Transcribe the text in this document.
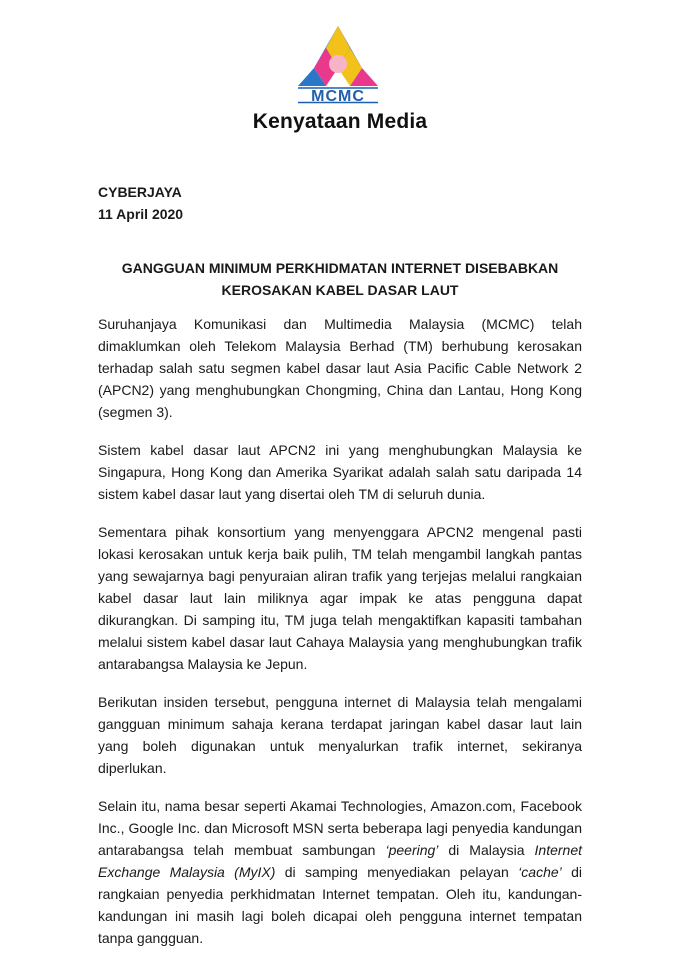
MCMC
Kenyataan Media
CYBERJAYA
11 April 2020
GANGGUAN MINIMUM PERKHIDMATAN INTERNET DISEBABKAN
KEROSAKAN KABEL DASAR LAUT

Suruhanjaya Komunikasi dan Multimedia Malaysia (MCMC) telah dimaklumkan oleh Telekom Malaysia Berhad (TM) berhubung kerosakan terhadap salah satu segmen kabel dasar laut Asia Pacific Cable Network 2 (APCN2) yang menghubungkan Chongming, China dan Lantau, Hong Kong (segmen 3).

Sistem kabel dasar laut APCN2 ini yang menghubungkan Malaysia ke Singapura, Hong Kong dan Amerika Syarikat adalah salah satu daripada 14 sistem kabel dasar laut yang disertai oleh TM di seluruh dunia.

Sementara pihak konsortium yang menyenggara APCN2 mengenal pasti lokasi kerosakan untuk kerja baik pulih, TM telah mengambil langkah pantas yang sewajarnya bagi penyuraian aliran trafik yang terjejas melalui rangkaian kabel dasar laut lain miliknya agar impak ke atas pengguna dapat dikurangkan. Di samping itu, TM juga telah mengaktifkan kapasiti tambahan melalui sistem kabel dasar laut Cahaya Malaysia yang menghubungkan trafik antarabangsa Malaysia ke Jepun.

Berikutan insiden tersebut, pengguna internet di Malaysia telah mengalami gangguan minimum sahaja kerana terdapat jaringan kabel dasar laut lain yang boleh digunakan untuk menyalurkan trafik internet, sekiranya diperlukan.

Selain itu, nama besar seperti Akamai Technologies, Amazon.com, Facebook Inc., Google Inc. dan Microsoft MSN serta beberapa lagi penyedia kandungan antarabangsa telah membuat sambungan ‘peering’ di Malaysia Internet Exchange Malaysia (MyIX) di samping menyediakan pelayan ‘cache’ di rangkaian penyedia perkhidmatan Internet tempatan. Oleh itu, kandungan-kandungan ini masih lagi boleh dicapai oleh pengguna internet tempatan tanpa gangguan.
